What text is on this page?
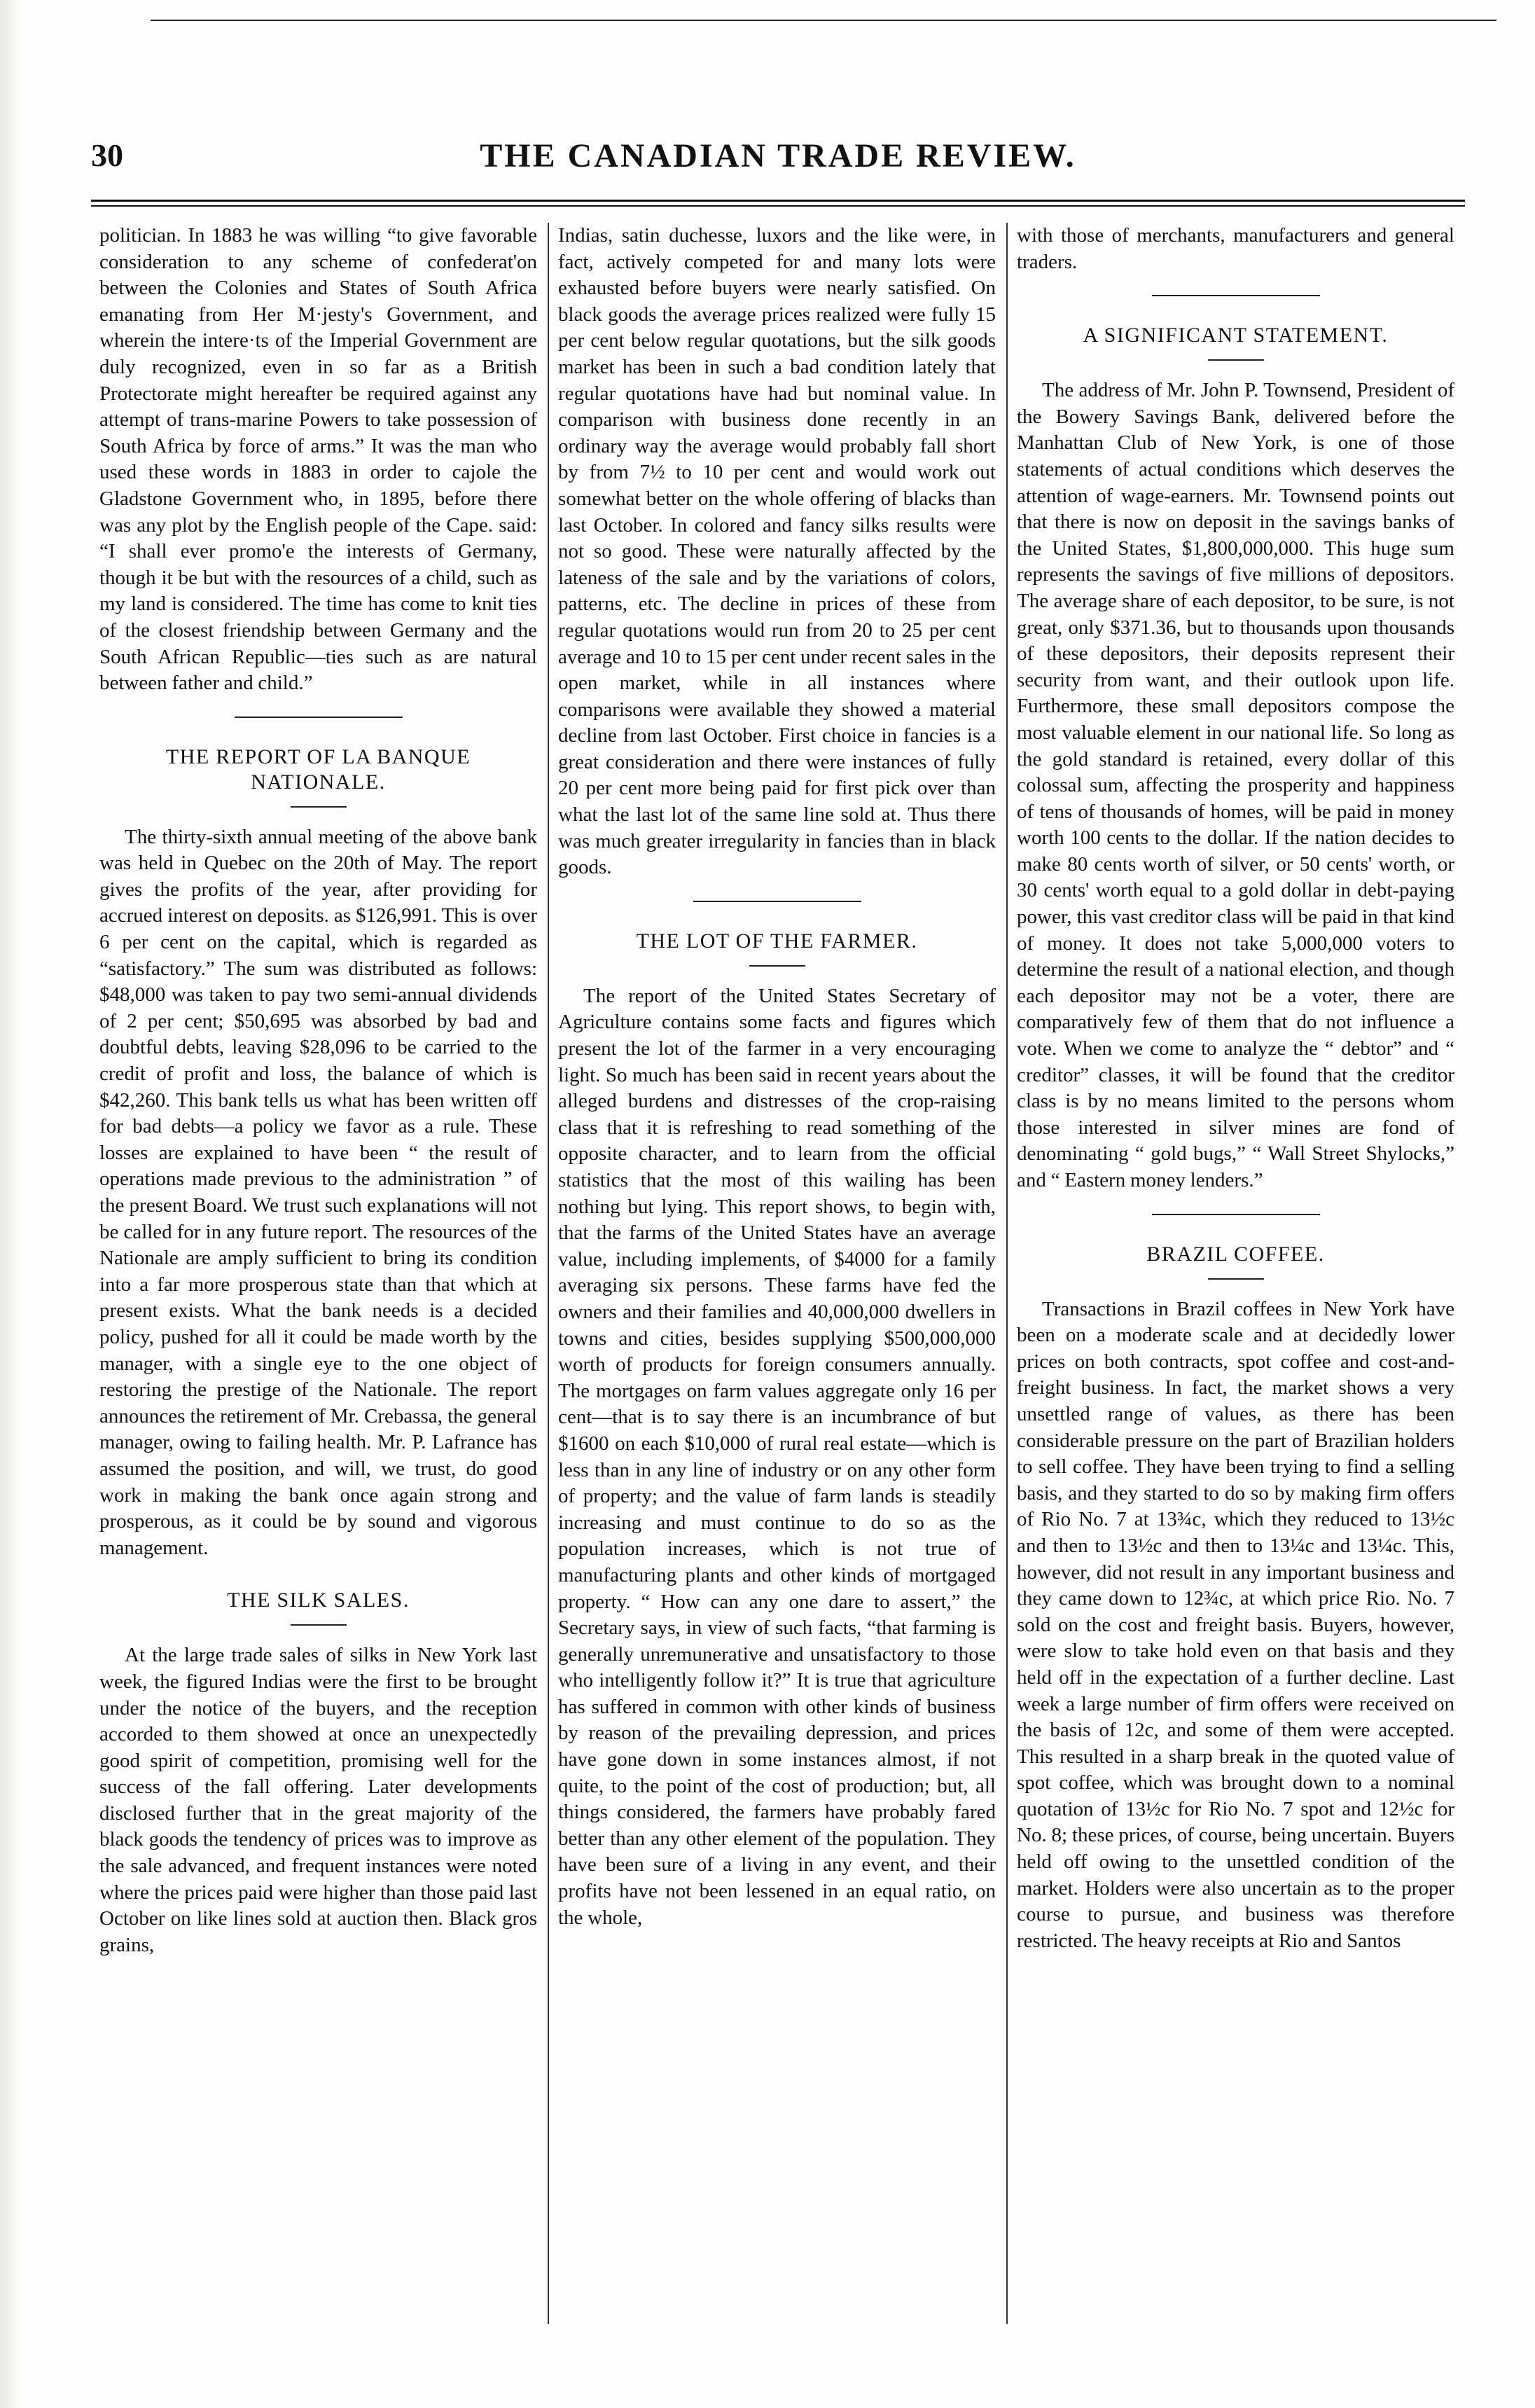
30	THE CANADIAN TRADE REVIEW.

politician. In 1883 he was willing “to give favorable consideration to any scheme of confederat'on between the Colonies and States of South Africa emanating from Her M·jesty's Government, and wherein the intere·ts of the Imperial Government are duly recognized, even in so far as a British Protectorate might hereafter be required against any attempt of trans-marine Powers to take possession of South Africa by force of arms.” It was the man who used these words in 1883 in order to cajole the Gladstone Government who, in 1895, before there was any plot by the English people of the Cape. said: “I shall ever promo'e the interests of Germany, though it be but with the resources of a child, such as my land is considered. The time has come to knit ties of the closest friendship between Germany and the South African Republic—ties such as are natural between father and child.”

THE REPORT OF LA BANQUE NATIONALE.

The thirty-sixth annual meeting of the above bank was held in Quebec on the 20th of May. The report gives the profits of the year, after providing for accrued interest on deposits. as $126,991. This is over 6 per cent on the capital, which is regarded as “satisfactory.” The sum was distributed as follows: $48,000 was taken to pay two semi-annual dividends of 2 per cent; $50,695 was absorbed by bad and doubtful debts, leaving $28,096 to be carried to the credit of profit and loss, the balance of which is $42,260. This bank tells us what has been written off for bad debts—a policy we favor as a rule. These losses are explained to have been “ the result of operations made previous to the administration ” of the present Board. We trust such explanations will not be called for in any future report. The resources of the Nationale are amply sufficient to bring its condition into a far more prosperous state than that which at present exists. What the bank needs is a decided policy, pushed for all it could be made worth by the manager, with a single eye to the one object of restoring the prestige of the Nationale. The report announces the retirement of Mr. Crebassa, the general manager, owing to failing health. Mr. P. Lafrance has assumed the position, and will, we trust, do good work in making the bank once again strong and prosperous, as it could be by sound and vigorous management.

THE SILK SALES.

At the large trade sales of silks in New York last week, the figured Indias were the first to be brought under the notice of the buyers, and the reception accorded to them showed at once an unexpectedly good spirit of competition, promising well for the success of the fall offering. Later developments disclosed further that in the great majority of the black goods the tendency of prices was to improve as the sale advanced, and frequent instances were noted where the prices paid were higher than those paid last October on like lines sold at auction then. Black gros grains,

Indias, satin duchesse, luxors and the like were, in fact, actively competed for and many lots were exhausted before buyers were nearly satisfied. On black goods the average prices realized were fully 15 per cent below regular quotations, but the silk goods market has been in such a bad condition lately that regular quotations have had but nominal value. In comparison with business done recently in an ordinary way the average would probably fall short by from 7½ to 10 per cent and would work out somewhat better on the whole offering of blacks than last October. In colored and fancy silks results were not so good. These were naturally affected by the lateness of the sale and by the variations of colors, patterns, etc. The decline in prices of these from regular quotations would run from 20 to 25 per cent average and 10 to 15 per cent under recent sales in the open market, while in all instances where comparisons were available they showed a material decline from last October. First choice in fancies is a great consideration and there were instances of fully 20 per cent more being paid for first pick over than what the last lot of the same line sold at. Thus there was much greater irregularity in fancies than in black goods.

THE LOT OF THE FARMER.

The report of the United States Secretary of Agriculture contains some facts and figures which present the lot of the farmer in a very encouraging light. So much has been said in recent years about the alleged burdens and distresses of the crop-raising class that it is refreshing to read something of the opposite character, and to learn from the official statistics that the most of this wailing has been nothing but lying. This report shows, to begin with, that the farms of the United States have an average value, including implements, of $4000 for a family averaging six persons. These farms have fed the owners and their families and 40,000,000 dwellers in towns and cities, besides supplying $500,000,000 worth of products for foreign consumers annually. The mortgages on farm values aggregate only 16 per cent—that is to say there is an incumbrance of but $1600 on each $10,000 of rural real estate—which is less than in any line of industry or on any other form of property; and the value of farm lands is steadily increasing and must continue to do so as the population increases, which is not true of manufacturing plants and other kinds of mortgaged property. “ How can any one dare to assert,” the Secretary says, in view of such facts, “that farming is generally unremunerative and unsatisfactory to those who intelligently follow it?” It is true that agriculture has suffered in common with other kinds of business by reason of the prevailing depression, and prices have gone down in some instances almost, if not quite, to the point of the cost of production; but, all things considered, the farmers have probably fared better than any other element of the population. They have been sure of a living in any event, and their profits have not been lessened in an equal ratio, on the whole,

with those of merchants, manufacturers and general traders.

A SIGNIFICANT STATEMENT.

The address of Mr. John P. Townsend, President of the Bowery Savings Bank, delivered before the Manhattan Club of New York, is one of those statements of actual conditions which deserves the attention of wage-earners. Mr. Townsend points out that there is now on deposit in the savings banks of the United States, $1,800,000,000. This huge sum represents the savings of five millions of depositors. The average share of each depositor, to be sure, is not great, only $371.36, but to thousands upon thousands of these depositors, their deposits represent their security from want, and their outlook upon life. Furthermore, these small depositors compose the most valuable element in our national life. So long as the gold standard is retained, every dollar of this colossal sum, affecting the prosperity and happiness of tens of thousands of homes, will be paid in money worth 100 cents to the dollar. If the nation decides to make 80 cents worth of silver, or 50 cents' worth, or 30 cents' worth equal to a gold dollar in debt-paying power, this vast creditor class will be paid in that kind of money. It does not take 5,000,000 voters to determine the result of a national election, and though each depositor may not be a voter, there are comparatively few of them that do not influence a vote. When we come to analyze the “ debtor” and “ creditor” classes, it will be found that the creditor class is by no means limited to the persons whom those interested in silver mines are fond of denominating “ gold bugs,” “ Wall Street Shylocks,” and “ Eastern money lenders.”

BRAZIL COFFEE.

Transactions in Brazil coffees in New York have been on a moderate scale and at decidedly lower prices on both contracts, spot coffee and cost-and-freight business. In fact, the market shows a very unsettled range of values, as there has been considerable pressure on the part of Brazilian holders to sell coffee. They have been trying to find a selling basis, and they started to do so by making firm offers of Rio No. 7 at 13¾c, which they reduced to 13½c and then to 13½c and then to 13¼c and 13¼c. This, however, did not result in any important business and they came down to 12¾c, at which price Rio. No. 7 sold on the cost and freight basis. Buyers, however, were slow to take hold even on that basis and they held off in the expectation of a further decline. Last week a large number of firm offers were received on the basis of 12c, and some of them were accepted. This resulted in a sharp break in the quoted value of spot coffee, which was brought down to a nominal quotation of 13½c for Rio No. 7 spot and 12½c for No. 8; these prices, of course, being uncertain. Buyers held off owing to the unsettled condition of the market. Holders were also uncertain as to the proper course to pursue, and business was therefore restricted. The heavy receipts at Rio and Santos
